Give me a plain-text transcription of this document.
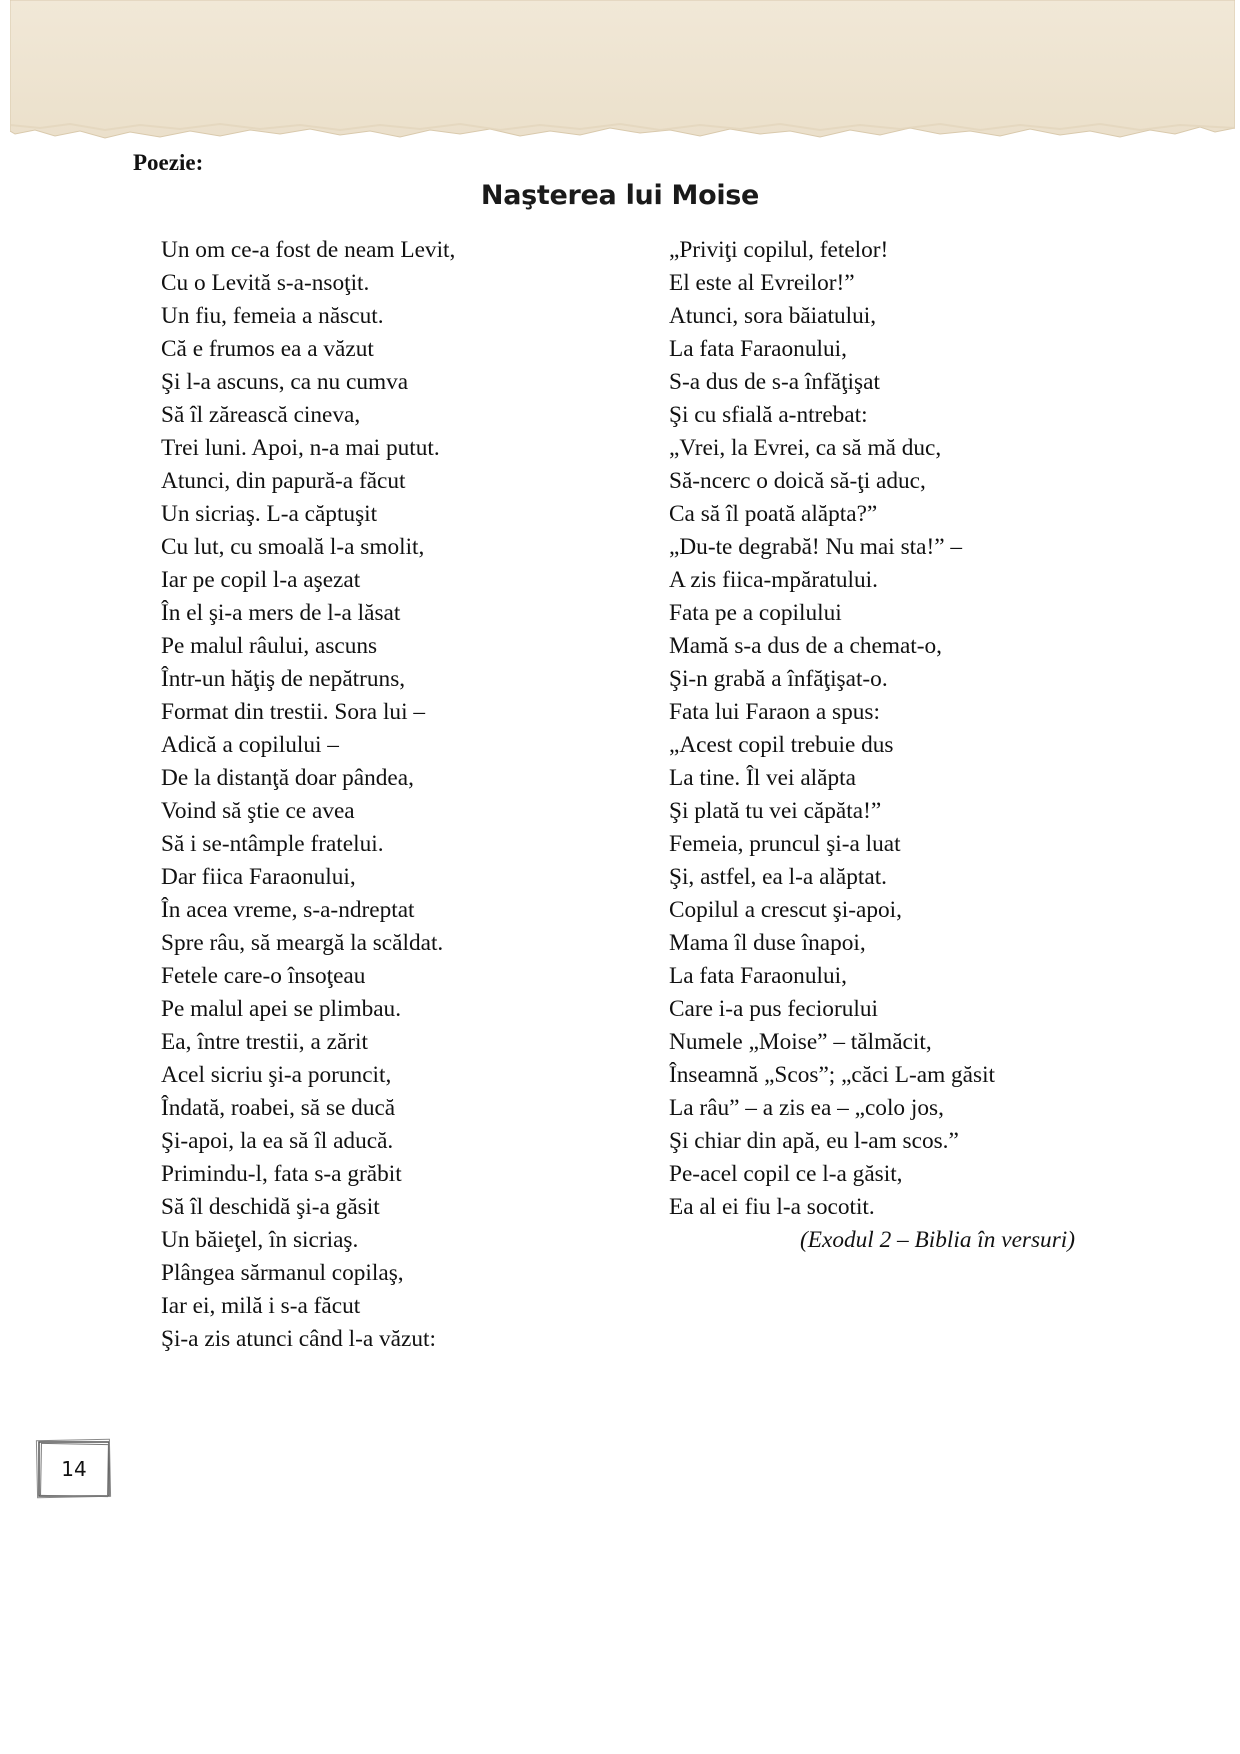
Poezie:
Naşterea lui Moise
Un om ce-a fost de neam Levit,
Cu o Levită s-a-nsoţit.
Un fiu, femeia a născut.
Că e frumos ea a văzut
Şi l-a ascuns, ca nu cumva
Să îl zărească cineva,
Trei luni. Apoi, n-a mai putut.
Atunci, din papură-a făcut
Un sicriaş. L-a căptuşit
Cu lut, cu smoală l-a smolit,
Iar pe copil l-a aşezat
În el şi-a mers de l-a lăsat
Pe malul râului, ascuns
Într-un hăţiş de nepătruns,
Format din trestii. Sora lui –
Adică a copilului –
De la distanţă doar pândea,
Voind să ştie ce avea
Să i se-ntâmple fratelui.
Dar fiica Faraonului,
În acea vreme, s-a-ndreptat
Spre râu, să meargă la scăldat.
Fetele care-o însoţeau
Pe malul apei se plimbau.
Ea, între trestii, a zărit
Acel sicriu şi-a poruncit,
Îndată, roabei, să se ducă
Şi-apoi, la ea să îl aducă.
Primindu-l, fata s-a grăbit
Să îl deschidă şi-a găsit
Un băieţel, în sicriaş.
Plângea sărmanul copilaş,
Iar ei, milă i s-a făcut
Şi-a zis atunci când l-a văzut:
„Priviţi copilul, fetelor!
El este al Evreilor!”
Atunci, sora băiatului,
La fata Faraonului,
S-a dus de s-a înfăţişat
Şi cu sfială a-ntrebat:
„Vrei, la Evrei, ca să mă duc,
Să-ncerc o doică să-ţi aduc,
Ca să îl poată alăpta?”
„Du-te degrabă! Nu mai sta!” –
A zis fiica-mpăratului.
Fata pe a copilului
Mamă s-a dus de a chemat-o,
Şi-n grabă a înfăţişat-o.
Fata lui Faraon a spus:
„Acest copil trebuie dus
La tine. Îl vei alăpta
Şi plată tu vei căpăta!”
Femeia, pruncul şi-a luat
Şi, astfel, ea l-a alăptat.
Copilul a crescut şi-apoi,
Mama îl duse înapoi,
La fata Faraonului,
Care i-a pus feciorului
Numele „Moise” – tălmăcit,
Înseamnă „Scos”; „căci L-am găsit
La râu” – a zis ea – „colo jos,
Şi chiar din apă, eu l-am scos.”
Pe-acel copil ce l-a găsit,
Ea al ei fiu l-a socotit.
(Exodul 2 – Biblia în versuri)
14
